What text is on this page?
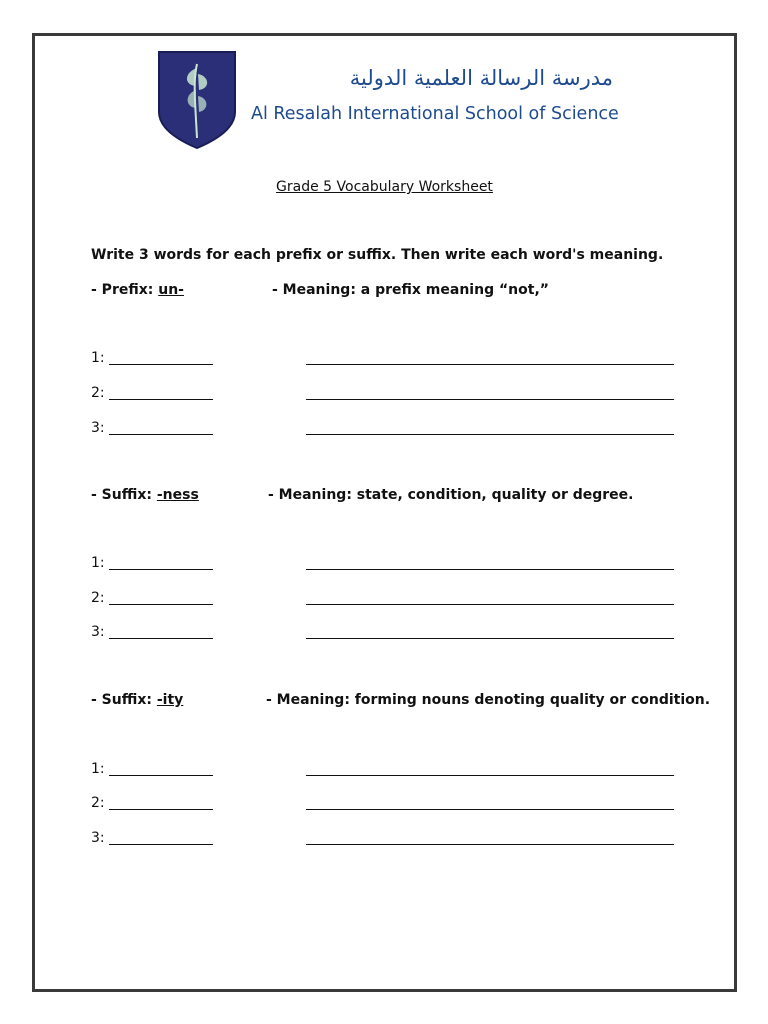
مدرسة الرسالة العلمية الدولية
Al Resalah International School of Science
Grade 5 Vocabulary Worksheet
Write 3 words for each prefix or suffix. Then write each word's meaning.
- Prefix: un-	- Meaning: a prefix meaning “not,”
1:
2:
3:
- Suffix: -ness	- Meaning: state, condition, quality or degree.
1:
2:
3:
- Suffix: -ity	- Meaning: forming nouns denoting quality or condition.
1:
2:
3:
